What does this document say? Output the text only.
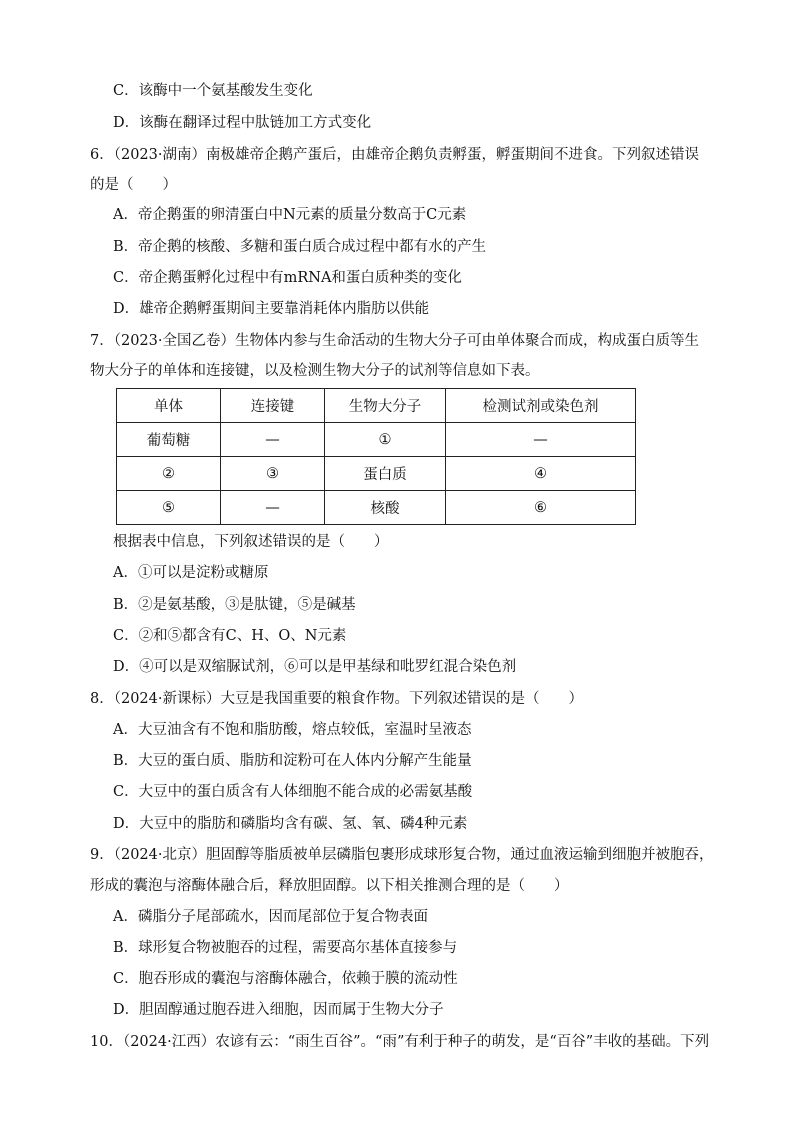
C．该酶中一个氨基酸发生变化
D．该酶在翻译过程中肽链加工方式变化
6．（2023·湖南）南极雄帝企鹅产蛋后，由雄帝企鹅负责孵蛋，孵蛋期间不进食。下列叙述错误
的是（　　）
A．帝企鹅蛋的卵清蛋白中N元素的质量分数高于C元素
B．帝企鹅的核酸、多糖和蛋白质合成过程中都有水的产生
C．帝企鹅蛋孵化过程中有mRNA和蛋白质种类的变化
D．雄帝企鹅孵蛋期间主要靠消耗体内脂肪以供能
7．（2023·全国乙卷）生物体内参与生命活动的生物大分子可由单体聚合而成，构成蛋白质等生
物大分子的单体和连接键，以及检测生物大分子的试剂等信息如下表。
单体	连接键	生物大分子	检测试剂或染色剂
葡萄糖	—	①	—
②	③	蛋白质	④
⑤	—	核酸	⑥
根据表中信息，下列叙述错误的是（　　）
A．①可以是淀粉或糖原
B．②是氨基酸，③是肽键，⑤是碱基
C．②和⑤都含有C、H、O、N元素
D．④可以是双缩脲试剂，⑥可以是甲基绿和吡罗红混合染色剂
8．（2024·新课标）大豆是我国重要的粮食作物。下列叙述错误的是（　　）
A．大豆油含有不饱和脂肪酸，熔点较低，室温时呈液态
B．大豆的蛋白质、脂肪和淀粉可在人体内分解产生能量
C．大豆中的蛋白质含有人体细胞不能合成的必需氨基酸
D．大豆中的脂肪和磷脂均含有碳、氢、氧、磷4种元素
9．（2024·北京）胆固醇等脂质被单层磷脂包裹形成球形复合物，通过血液运输到细胞并被胞吞，
形成的囊泡与溶酶体融合后，释放胆固醇。以下相关推测合理的是（　　）
A．磷脂分子尾部疏水，因而尾部位于复合物表面
B．球形复合物被胞吞的过程，需要高尔基体直接参与
C．胞吞形成的囊泡与溶酶体融合，依赖于膜的流动性
D．胆固醇通过胞吞进入细胞，因而属于生物大分子
10．（2024·江西）农谚有云：“雨生百谷”。“雨”有利于种子的萌发，是“百谷”丰收的基础。下列
